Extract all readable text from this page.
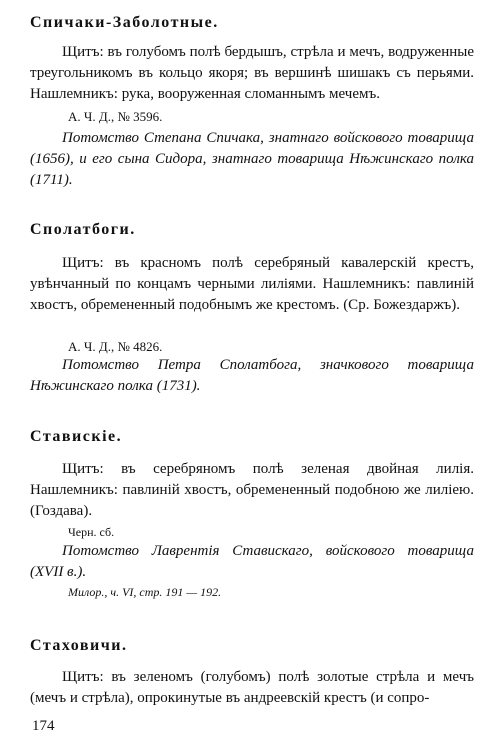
Спичаки-Заболотные.
Щитъ: въ голубомъ полѣ бердышъ, стрѣла и мечъ, водруженные треугольникомъ въ кольцо якоря; въ вершинѣ шишакъ съ перьями. Нашлемникъ: рука, вооруженная сломаннымъ мечемъ.
А. Ч. Д., № 3596.
Потомство Степана Спичака, знатнаго войскового товарища (1656), и его сына Сидора, знатнаго товарища Нѣжинскаго полка (1711).
Сполатбоги.
Щитъ: въ красномъ полѣ серебряный кавалерскій крестъ, увѣнчанный по концамъ черными лиліями. Нашлемникъ: павлиній хвостъ, обремененный подобнымъ же крестомъ. (Ср. Божездаржъ).
А. Ч. Д., № 4826.
Потомство Петра Сполатбога, значкового товарища Нѣжинскаго полка (1731).
Ставискіе.
Щитъ: въ серебряномъ полѣ зеленая двойная лилія. Нашлемникъ: павлиній хвостъ, обремененный подобною же лиліею. (Гоздава).
Черн. сб.
Потомство Лаврентія Ставискаго, войскового товарища (XVII в.).
Милор., ч. VI, стр. 191 — 192.
Стаховичи.
Щитъ: въ зеленомъ (голубомъ) полѣ золотые стрѣла и мечъ (мечъ и стрѣла), опрокинутые въ андреевскій крестъ (и сопро-
174
